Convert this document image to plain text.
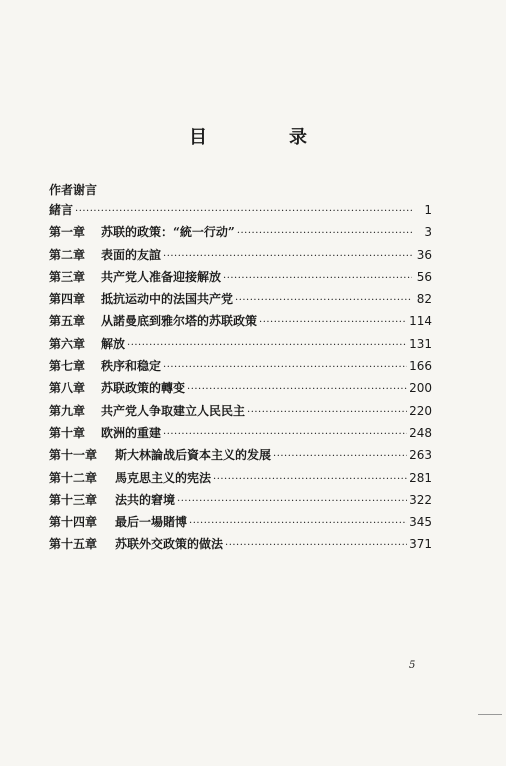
目　录
作者谢言
緒言 ·····	1
第一章	苏联的政策：“統一行动” ·····	3
第二章	表面的友誼 ·····	36
第三章	共产党人准备迎接解放 ·····	56
第四章	抵抗运动中的法国共产党 ·····	82
第五章	从諾曼底到雅尔塔的苏联政策 ·····	114
第六章	解放 ·····	131
第七章	秩序和稳定 ·····	166
第八章	苏联政策的轉变 ·····	200
第九章	共产党人争取建立人民民主 ·····	220
第十章	欧洲的重建 ·····	248
第十一章	斯大林論战后資本主义的发展 ·····	263
第十二章	馬克思主义的宪法 ·····	281
第十三章	法共的窘境 ·····	322
第十四章	最后一場賭博 ·····	345
第十五章	苏联外交政策的做法 ·····	371
5
